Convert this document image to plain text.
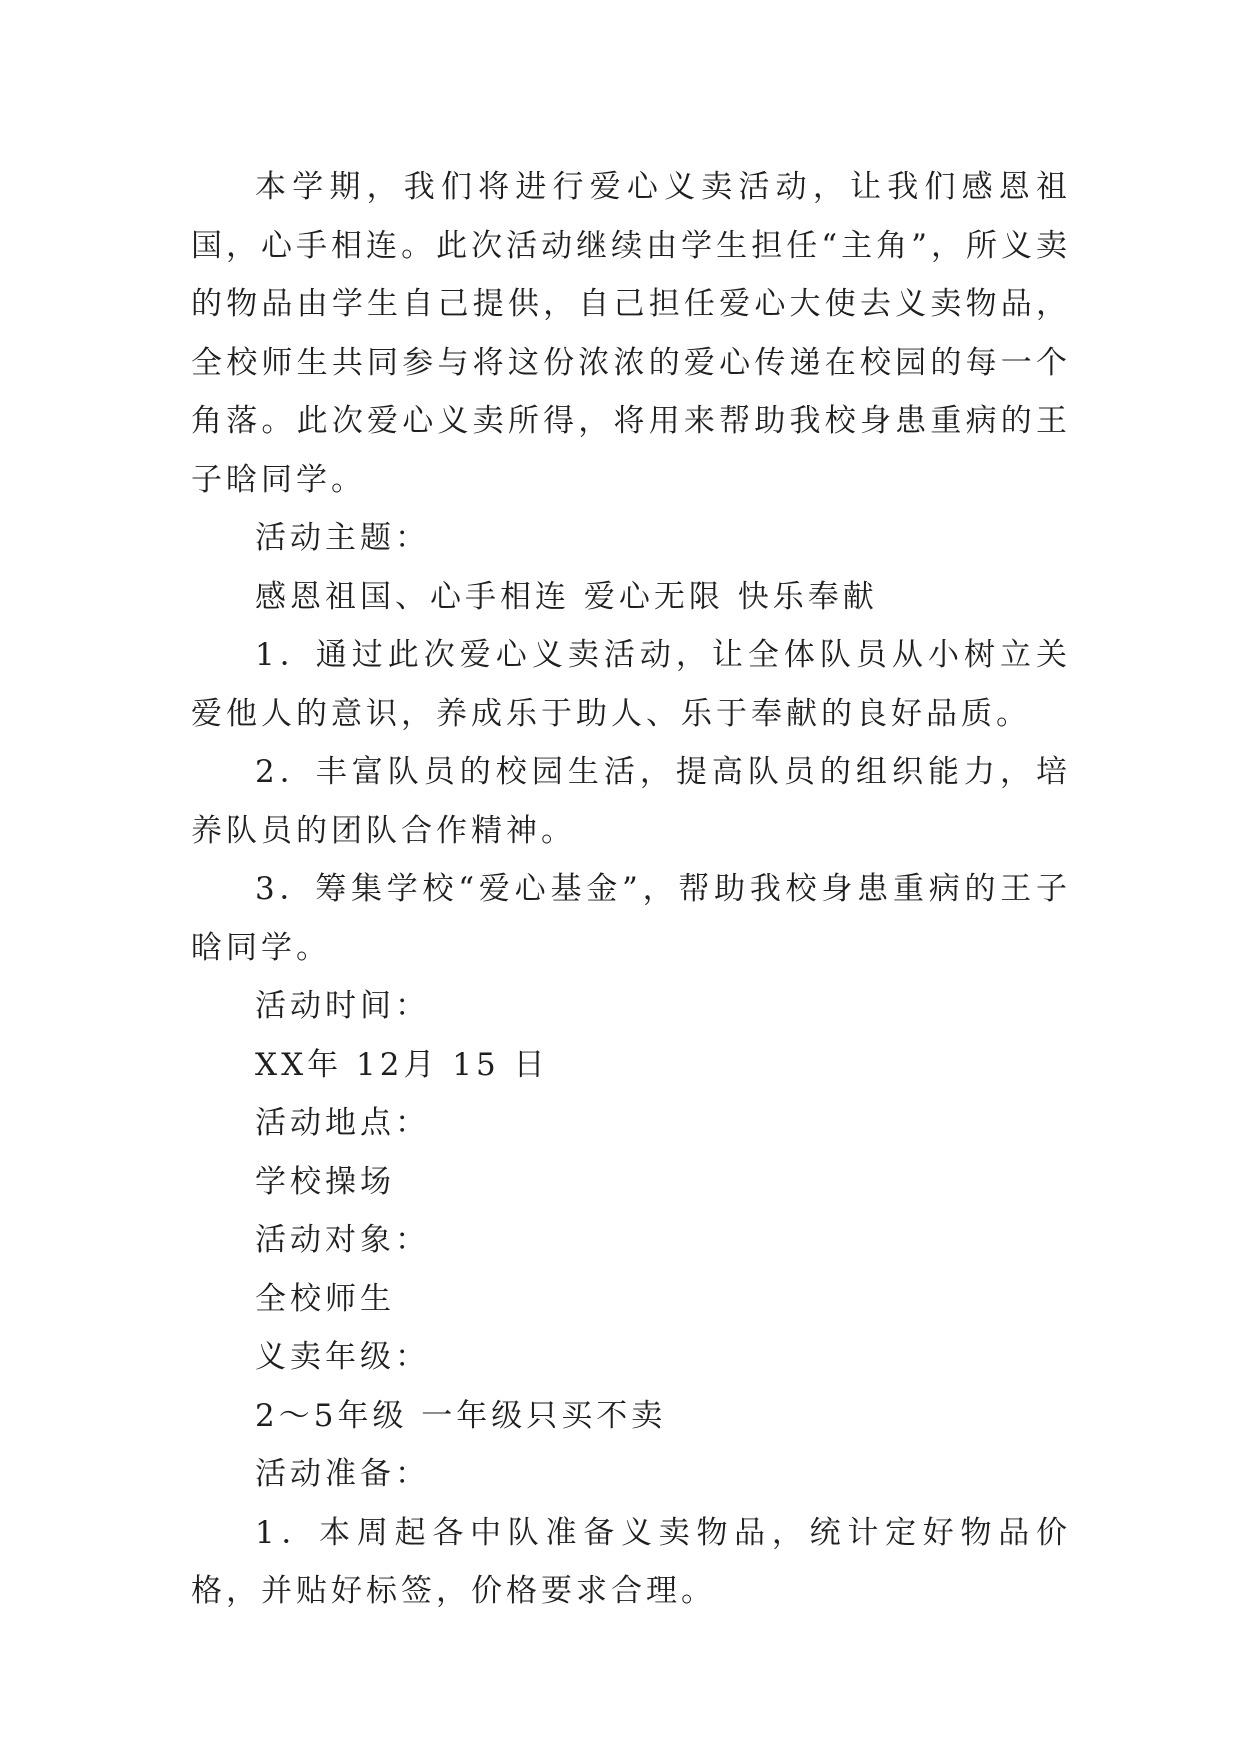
本学期，我们将进行爱心义卖活动，让我们感恩祖国，心手相连。此次活动继续由学生担任“主角”，所义卖的物品由学生自己提供，自己担任爱心大使去义卖物品，全校师生共同参与将这份浓浓的爱心传递在校园的每一个角落。此次爱心义卖所得，将用来帮助我校身患重病的王子晗同学。

活动主题：

感恩祖国、心手相连 爱心无限 快乐奉献

1．通过此次爱心义卖活动，让全体队员从小树立关爱他人的意识，养成乐于助人、乐于奉献的良好品质。

2．丰富队员的校园生活，提高队员的组织能力，培养队员的团队合作精神。

3．筹集学校“爱心基金”，帮助我校身患重病的王子晗同学。

活动时间：

XX年 12月 15 日

活动地点：

学校操场

活动对象：

全校师生

义卖年级：

2～5年级 一年级只买不卖

活动准备：

1．本周起各中队准备义卖物品，统计定好物品价格，并贴好标签，价格要求合理。
